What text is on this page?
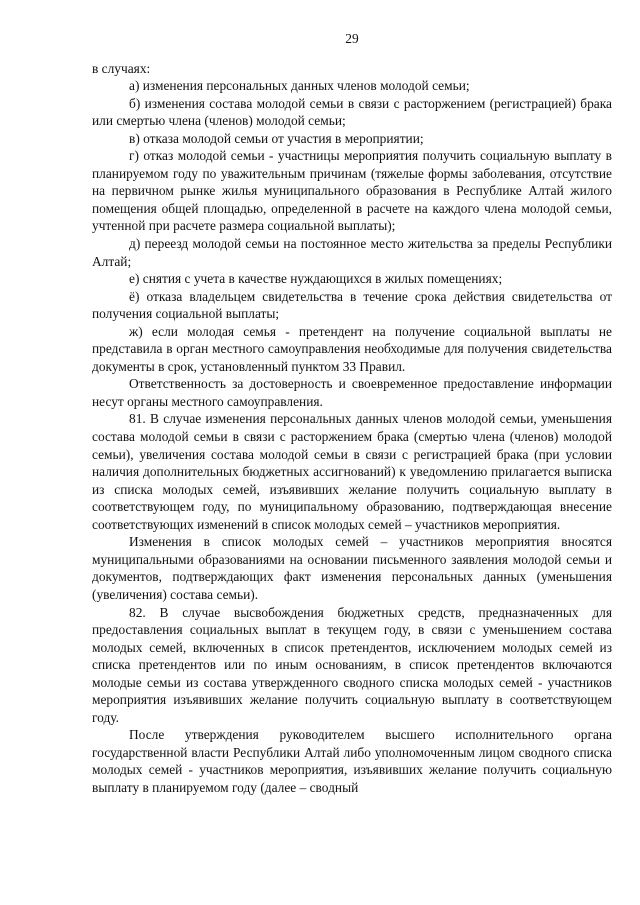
29

в случаях:

а) изменения персональных данных членов молодой семьи;

б) изменения состава молодой семьи в связи с расторжением (регистрацией) брака или смертью члена (членов) молодой семьи;

в) отказа молодой семьи от участия в мероприятии;

г) отказ молодой семьи - участницы мероприятия получить социальную выплату в планируемом году по уважительным причинам (тяжелые формы заболевания, отсутствие на первичном рынке жилья муниципального образования в Республике Алтай жилого помещения общей площадью, определенной в расчете на каждого члена молодой семьи, учтенной при расчете размера социальной выплаты);

д) переезд молодой семьи на постоянное место жительства за пределы Республики Алтай;

е) снятия с учета в качестве нуждающихся в жилых помещениях;

ё) отказа владельцем свидетельства в течение срока действия свидетельства от получения социальной выплаты;

ж) если молодая семья - претендент на получение социальной выплаты не представила в орган местного самоуправления необходимые для получения свидетельства документы в срок, установленный пунктом 33 Правил.

Ответственность за достоверность и своевременное предоставление информации несут органы местного самоуправления.

81. В случае изменения персональных данных членов молодой семьи, уменьшения состава молодой семьи в связи с расторжением брака (смертью члена (членов) молодой семьи), увеличения состава молодой семьи в связи с регистрацией брака (при условии наличия дополнительных бюджетных ассигнований) к уведомлению прилагается выписка из списка молодых семей, изъявивших желание получить социальную выплату в соответствующем году, по муниципальному образованию, подтверждающая внесение соответствующих изменений в список молодых семей – участников мероприятия.

Изменения в список молодых семей – участников мероприятия вносятся муниципальными образованиями на основании письменного заявления молодой семьи и документов, подтверждающих факт изменения персональных данных (уменьшения (увеличения) состава семьи).

82. В случае высвобождения бюджетных средств, предназначенных для предоставления социальных выплат в текущем году, в связи с уменьшением состава молодых семей, включенных в список претендентов, исключением молодых семей из списка претендентов или по иным основаниям, в список претендентов включаются молодые семьи из состава утвержденного сводного списка молодых семей - участников мероприятия изъявивших желание получить социальную выплату в соответствующем году.

После утверждения руководителем высшего исполнительного органа государственной власти Республики Алтай либо уполномоченным лицом сводного списка молодых семей - участников мероприятия, изъявивших желание получить социальную выплату в планируемом году (далее – сводный
